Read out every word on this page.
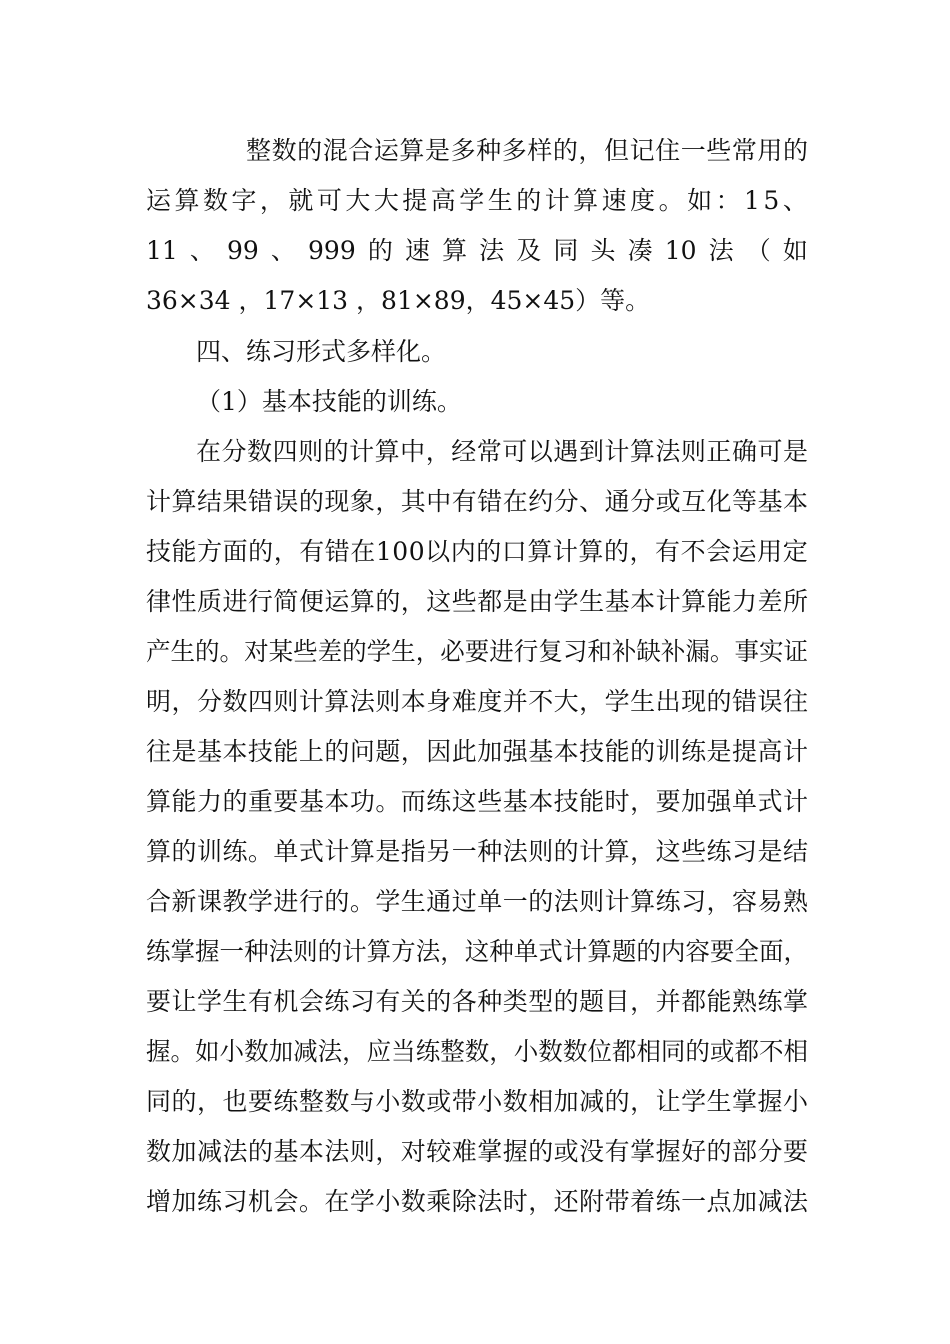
整数的混合运算是多种多样的，但记住一些常用的
运算数字，就可大大提高学生的计算速度。如：15、
11 、 99 、 999 的 速 算 法 及 同 头 凑 10 法 （ 如
36×34 ，17×13 ，81×89，45×45）等。
四、练习形式多样化。
（1）基本技能的训练。
在分数四则的计算中，经常可以遇到计算法则正确可是
计算结果错误的现象，其中有错在约分、通分或互化等基本
技能方面的，有错在100以内的口算计算的，有不会运用定
律性质进行简便运算的，这些都是由学生基本计算能力差所
产生的。对某些差的学生，必要进行复习和补缺补漏。事实证
明，分数四则计算法则本身难度并不大，学生出现的错误往
往是基本技能上的问题，因此加强基本技能的训练是提高计
算能力的重要基本功。而练这些基本技能时，要加强单式计
算的训练。单式计算是指另一种法则的计算，这些练习是结
合新课教学进行的。学生通过单一的法则计算练习，容易熟
练掌握一种法则的计算方法，这种单式计算题的内容要全面，
要让学生有机会练习有关的各种类型的题目，并都能熟练掌
握。如小数加减法，应当练整数，小数数位都相同的或都不相
同的，也要练整数与小数或带小数相加减的，让学生掌握小
数加减法的基本法则，对较难掌握的或没有掌握好的部分要
增加练习机会。在学小数乘除法时，还附带着练一点加减法
